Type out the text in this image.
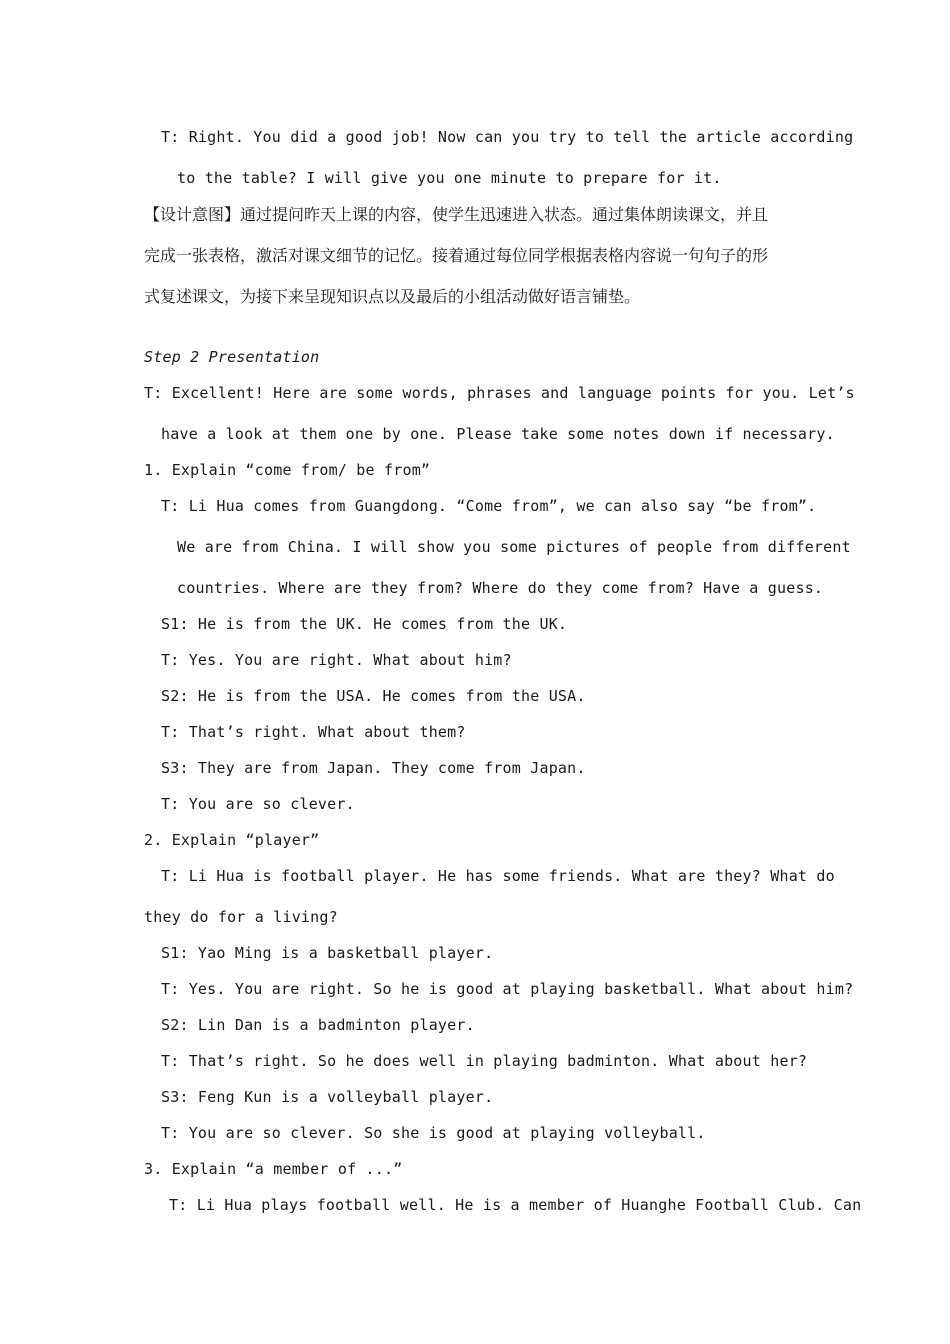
T: Right. You did a good job! Now can you try to tell the article according
to the table? I will give you one minute to prepare for it.
【设计意图】通过提问昨天上课的内容，使学生迅速进入状态。通过集体朗读课文，并且
完成一张表格，激活对课文细节的记忆。接着通过每位同学根据表格内容说一句句子的形
式复述课文，为接下来呈现知识点以及最后的小组活动做好语言铺垫。
Step 2 Presentation
T: Excellent! Here are some words, phrases and language points for you. Let’s
have a look at them one by one. Please take some notes down if necessary.
1. Explain “come from/ be from”
T: Li Hua comes from Guangdong. “Come from”, we can also say “be from”.
We are from China. I will show you some pictures of people from different
countries. Where are they from? Where do they come from? Have a guess.
S1: He is from the UK. He comes from the UK.
T: Yes. You are right. What about him?
S2: He is from the USA. He comes from the USA.
T: That’s right. What about them?
S3: They are from Japan. They come from Japan.
T: You are so clever.
2. Explain “player”
T: Li Hua is football player. He has some friends. What are they? What do
they do for a living?
S1: Yao Ming is a basketball player.
T: Yes. You are right. So he is good at playing basketball. What about him?
S2: Lin Dan is a badminton player.
T: That’s right. So he does well in playing badminton. What about her?
S3: Feng Kun is a volleyball player.
T: You are so clever. So she is good at playing volleyball.
3. Explain “a member of ...”
T: Li Hua plays football well. He is a member of Huanghe Football Club. Can
